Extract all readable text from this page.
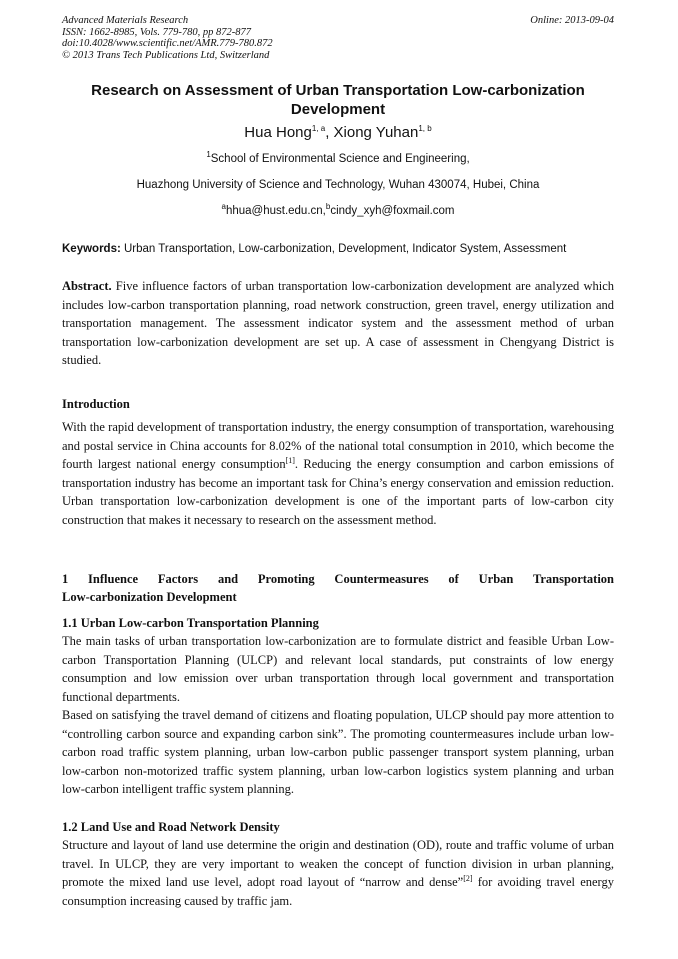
Advanced Materials Research
ISSN: 1662-8985, Vols. 779-780, pp 872-877
doi:10.4028/www.scientific.net/AMR.779-780.872
© 2013 Trans Tech Publications Ltd, Switzerland
Online: 2013-09-04
Research on Assessment of Urban Transportation Low-carbonization Development
Hua Hong$^{1, a}$, Xiong Yuhan$^{1, b}$
$^1$School of Environmental Science and Engineering,
Huazhong University of Science and Technology, Wuhan 430074, Hubei, China
$^a$hhua@hust.edu.cn,$^b$cindy_xyh@foxmail.com
Keywords: Urban Transportation, Low-carbonization, Development, Indicator System, Assessment
Abstract. Five influence factors of urban transportation low-carbonization development are analyzed which includes low-carbon transportation planning, road network construction, green travel, energy utilization and transportation management. The assessment indicator system and the assessment method of urban transportation low-carbonization development are set up. A case of assessment in Chengyang District is studied.
Introduction
With the rapid development of transportation industry, the energy consumption of transportation, warehousing and postal service in China accounts for 8.02% of the national total consumption in 2010, which become the fourth largest national energy consumption[1]. Reducing the energy consumption and carbon emissions of transportation industry has become an important task for China’s energy conservation and emission reduction. Urban transportation low-carbonization development is one of the important parts of low-carbon city construction that makes it necessary to research on the assessment method.
1 Influence Factors and Promoting Countermeasures of Urban Transportation
Low-carbonization Development
1.1 Urban Low-carbon Transportation Planning
The main tasks of urban transportation low-carbonization are to formulate district and feasible Urban Low-carbon Transportation Planning (ULCP) and relevant local standards, put constraints of low energy consumption and low emission over urban transportation through local government and transportation functional departments.
Based on satisfying the travel demand of citizens and floating population, ULCP should pay more attention to “controlling carbon source and expanding carbon sink”. The promoting countermeasures include urban low-carbon road traffic system planning, urban low-carbon public passenger transport system planning, urban low-carbon non-motorized traffic system planning, urban low-carbon logistics system planning and urban low-carbon intelligent traffic system planning.
1.2 Land Use and Road Network Density
Structure and layout of land use determine the origin and destination (OD), route and traffic volume of urban travel. In ULCP, they are very important to weaken the concept of function division in urban planning, promote the mixed land use level, adopt road layout of “narrow and dense”[2] for avoiding travel energy consumption increasing caused by traffic jam.
